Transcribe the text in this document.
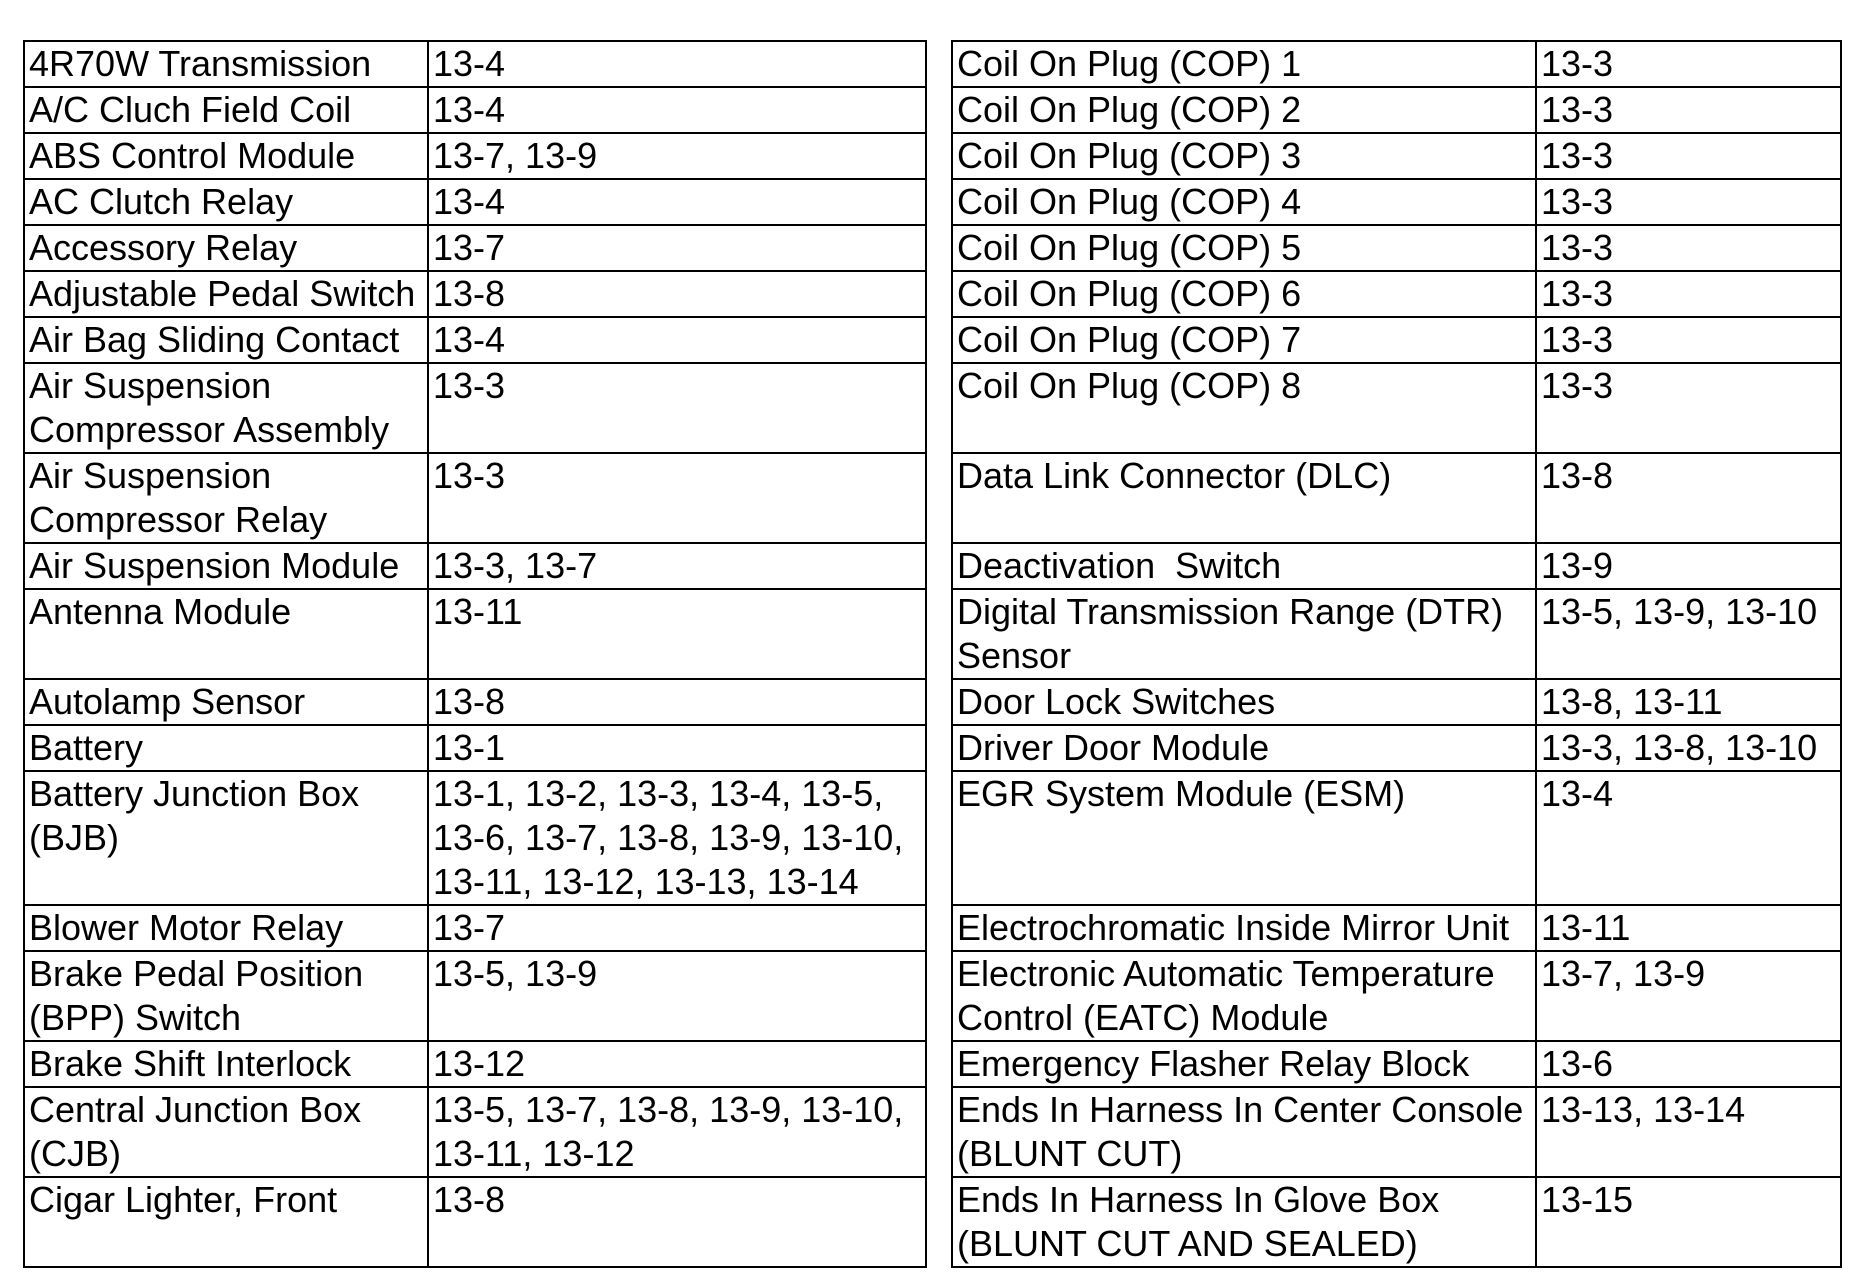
4R70W Transmission	13-4		Coil On Plug (COP) 1	13-3
A/C Cluch Field Coil	13-4		Coil On Plug (COP) 2	13-3
ABS Control Module	13-7, 13-9		Coil On Plug (COP) 3	13-3
AC Clutch Relay	13-4		Coil On Plug (COP) 4	13-3
Accessory Relay	13-7		Coil On Plug (COP) 5	13-3
Adjustable Pedal Switch	13-8		Coil On Plug (COP) 6	13-3
Air Bag Sliding Contact	13-4		Coil On Plug (COP) 7	13-3
Air Suspension Compressor Assembly	13-3		Coil On Plug (COP) 8	13-3
Air Suspension Compressor Relay	13-3		Data Link Connector (DLC)	13-8
Air Suspension Module	13-3, 13-7		Deactivation  Switch	13-9
Antenna Module	13-11		Digital Transmission Range (DTR) Sensor	13-5, 13-9, 13-10
Autolamp Sensor	13-8		Door Lock Switches	13-8, 13-11
Battery	13-1		Driver Door Module	13-3, 13-8, 13-10
Battery Junction Box (BJB)	13-1, 13-2, 13-3, 13-4, 13-5, 13-6, 13-7, 13-8, 13-9, 13-10, 13-11, 13-12, 13-13, 13-14		EGR System Module (ESM)	13-4
Blower Motor Relay	13-7		Electrochromatic Inside Mirror Unit	13-11
Brake Pedal Position (BPP) Switch	13-5, 13-9		Electronic Automatic Temperature Control (EATC) Module	13-7, 13-9
Brake Shift Interlock	13-12		Emergency Flasher Relay Block	13-6
Central Junction Box (CJB)	13-5, 13-7, 13-8, 13-9, 13-10, 13-11, 13-12		Ends In Harness In Center Console (BLUNT CUT)	13-13, 13-14
Cigar Lighter, Front	13-8		Ends In Harness In Glove Box (BLUNT CUT AND SEALED)	13-15
